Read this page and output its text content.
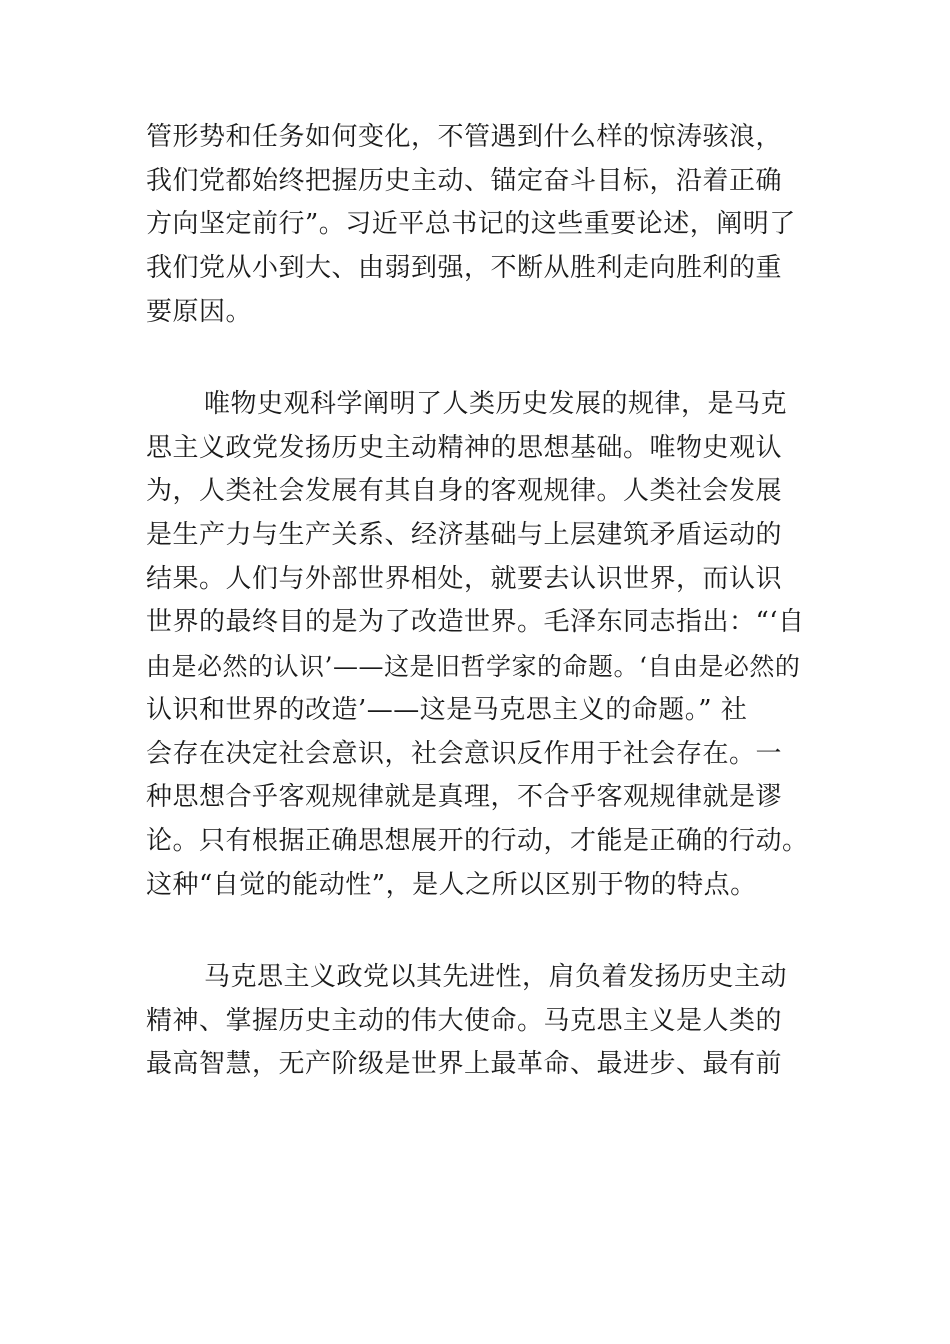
管形势和任务如何变化，不管遇到什么样的惊涛骇浪，
我们党都始终把握历史主动、锚定奋斗目标，沿着正确
方向坚定前行”。习近平总书记的这些重要论述，阐明了
我们党从小到大、由弱到强，不断从胜利走向胜利的重
要原因。
唯物史观科学阐明了人类历史发展的规律，是马克
思主义政党发扬历史主动精神的思想基础。唯物史观认
为，人类社会发展有其自身的客观规律。人类社会发展
是生产力与生产关系、经济基础与上层建筑矛盾运动的
结果。人们与外部世界相处，就要去认识世界，而认识
世界的最终目的是为了改造世界。毛泽东同志指出：“‘自
由是必然的认识’——这是旧哲学家的命题。‘自由是必然的
认识和世界的改造’——这是马克思主义的命题。” 社
会存在决定社会意识，社会意识反作用于社会存在。一
种思想合乎客观规律就是真理，不合乎客观规律就是谬
论。只有根据正确思想展开的行动，才能是正确的行动。
这种“自觉的能动性”，是人之所以区别于物的特点。
马克思主义政党以其先进性，肩负着发扬历史主动
精神、掌握历史主动的伟大使命。马克思主义是人类的
最高智慧，无产阶级是世界上最革命、最进步、最有前
